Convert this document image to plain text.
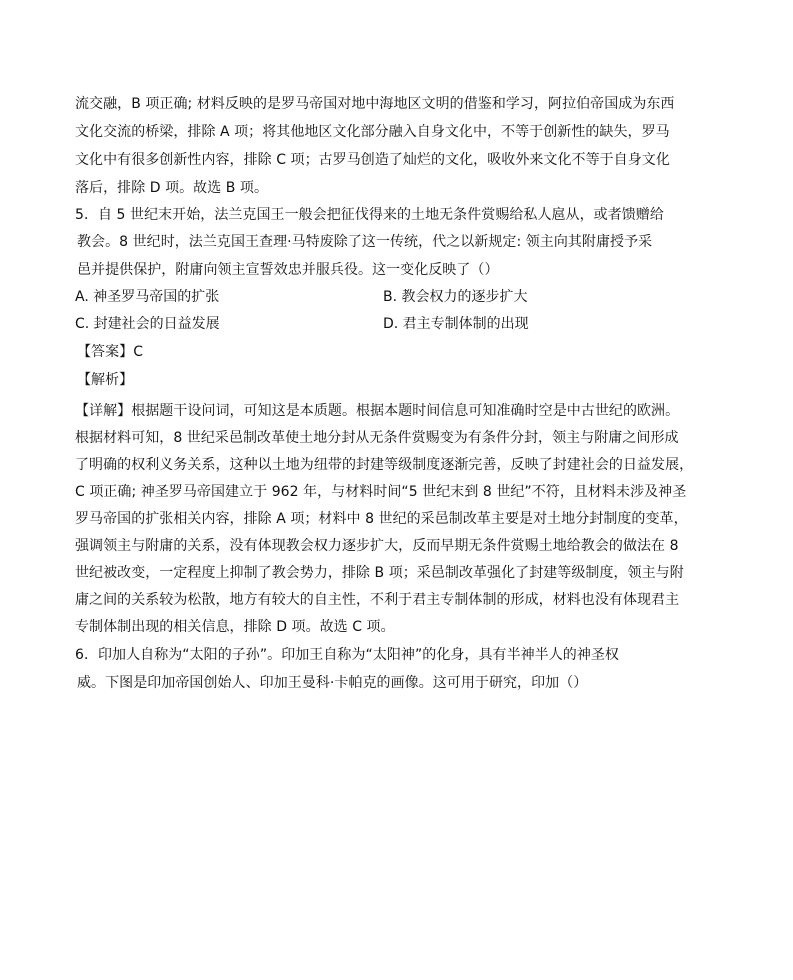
流交融，B 项正确; 材料反映的是罗马帝国对地中海地区文明的借鉴和学习，阿拉伯帝国成为东西
文化交流的桥梁，排除 A 项；将其他地区文化部分融入自身文化中，不等于创新性的缺失，罗马
文化中有很多创新性内容，排除 C 项；古罗马创造了灿烂的文化，吸收外来文化不等于自身文化
落后，排除 D 项。故选 B 项。
5．自 5 世纪末开始，法兰克国王一般会把征伐得来的土地无条件赏赐给私人扈从，或者馈赠给
教会。8 世纪时，法兰克国王查理·马特废除了这一传统，代之以新规定: 领主向其附庸授予采
邑并提供保护，附庸向领主宣誓效忠并服兵役。这一变化反映了（）
A. 神圣罗马帝国的扩张	B. 教会权力的逐步扩大
C. 封建社会的日益发展	D. 君主专制体制的出现
【答案】C
【解析】
【详解】根据题干设问词，可知这是本质题。根据本题时间信息可知准确时空是中古世纪的欧洲。
根据材料可知，8 世纪采邑制改革使土地分封从无条件赏赐变为有条件分封，领主与附庸之间形成
了明确的权利义务关系，这种以土地为纽带的封建等级制度逐渐完善，反映了封建社会的日益发展，
C 项正确; 神圣罗马帝国建立于 962 年，与材料时间“5 世纪末到 8 世纪”不符，且材料未涉及神圣
罗马帝国的扩张相关内容，排除 A 项；材料中 8 世纪的采邑制改革主要是对土地分封制度的变革，
强调领主与附庸的关系，没有体现教会权力逐步扩大，反而早期无条件赏赐土地给教会的做法在 8
世纪被改变，一定程度上抑制了教会势力，排除 B 项；采邑制改革强化了封建等级制度，领主与附
庸之间的关系较为松散，地方有较大的自主性，不利于君主专制体制的形成，材料也没有体现君主
专制体制出现的相关信息，排除 D 项。故选 C 项。
6．印加人自称为“太阳的子孙”。印加王自称为“太阳神”的化身，具有半神半人的神圣权
威。下图是印加帝国创始人、印加王曼科·卡帕克的画像。这可用于研究，印加（）
